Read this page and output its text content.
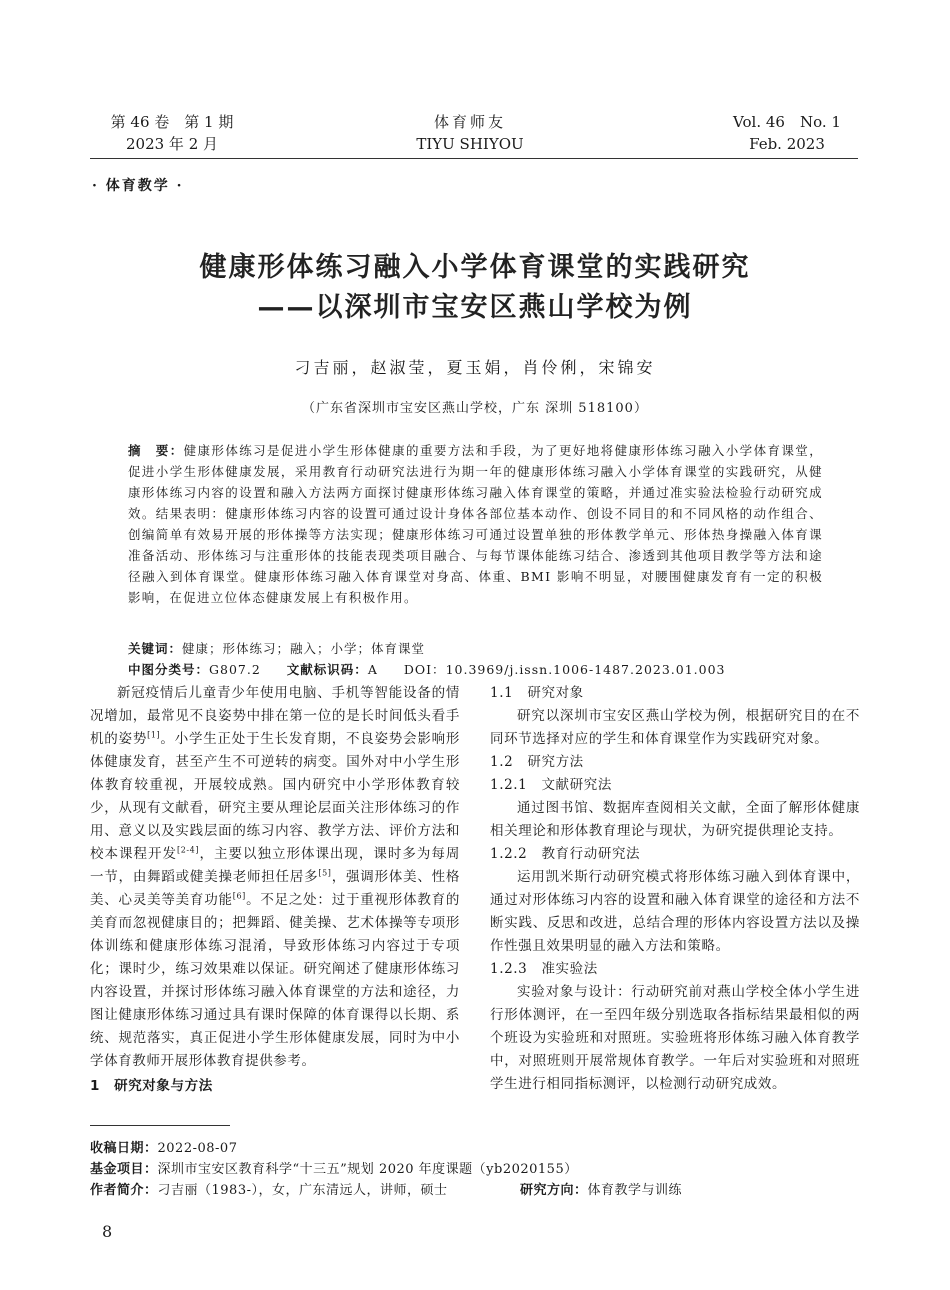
第 46 卷　第 1 期
2023 年 2 月
体育师友
TIYU SHIYOU
Vol. 46　No. 1
Feb. 2023
· 体育教学 ·
健康形体练习融入小学体育课堂的实践研究
——以深圳市宝安区燕山学校为例
刁吉丽，赵淑莹，夏玉娟，肖伶俐，宋锦安
（广东省深圳市宝安区燕山学校，广东 深圳 518100）
摘　要：健康形体练习是促进小学生形体健康的重要方法和手段，为了更好地将健康形体练习融入小学体育课堂，促进小学生形体健康发展，采用教育行动研究法进行为期一年的健康形体练习融入小学体育课堂的实践研究，从健康形体练习内容的设置和融入方法两方面探讨健康形体练习融入体育课堂的策略，并通过准实验法检验行动研究成效。结果表明：健康形体练习内容的设置可通过设计身体各部位基本动作、创设不同目的和不同风格的动作组合、创编简单有效易开展的形体操等方法实现；健康形体练习可通过设置单独的形体教学单元、形体热身操融入体育课准备活动、形体练习与注重形体的技能表现类项目融合、与每节课体能练习结合、渗透到其他项目教学等方法和途径融入到体育课堂。健康形体练习融入体育课堂对身高、体重、BMI 影响不明显，对腰围健康发育有一定的积极影响，在促进立位体态健康发展上有积极作用。
关键词：健康；形体练习；融入；小学；体育课堂
中图分类号：G807.2 文献标识码：A DOI：10.3969/j.issn.1006-1487.2023.01.003

新冠疫情后儿童青少年使用电脑、手机等智能设备的情况增加，最常见不良姿势中排在第一位的是长时间低头看手机的姿势[1]。小学生正处于生长发育期，不良姿势会影响形体健康发育，甚至产生不可逆转的病变。国外对中小学生形体教育较重视，开展较成熟。国内研究中小学形体教育较少，从现有文献看，研究主要从理论层面关注形体练习的作用、意义以及实践层面的练习内容、教学方法、评价方法和校本课程开发[2-4]，主要以独立形体课出现，课时多为每周一节，由舞蹈或健美操老师担任居多[5]，强调形体美、性格美、心灵美等美育功能[6]。不足之处：过于重视形体教育的美育而忽视健康目的；把舞蹈、健美操、艺术体操等专项形体训练和健康形体练习混淆，导致形体练习内容过于专项化；课时少，练习效果难以保证。研究阐述了健康形体练习内容设置，并探讨形体练习融入体育课堂的方法和途径，力图让健康形体练习通过具有课时保障的体育课得以长期、系统、规范落实，真正促进小学生形体健康发展，同时为中小学体育教师开展形体教育提供参考。

1　研究对象与方法

1.1　研究对象

研究以深圳市宝安区燕山学校为例，根据研究目的在不同环节选择对应的学生和体育课堂作为实践研究对象。

1.2　研究方法

1.2.1　文献研究法

通过图书馆、数据库查阅相关文献，全面了解形体健康相关理论和形体教育理论与现状，为研究提供理论支持。

1.2.2　教育行动研究法

运用凯米斯行动研究模式将形体练习融入到体育课中，通过对形体练习内容的设置和融入体育课堂的途径和方法不断实践、反思和改进，总结合理的形体内容设置方法以及操作性强且效果明显的融入方法和策略。

1.2.3　准实验法

实验对象与设计：行动研究前对燕山学校全体小学生进行形体测评，在一至四年级分别选取各指标结果最相似的两个班设为实验班和对照班。实验班将形体练习融入体育教学中，对照班则开展常规体育教学。一年后对实验班和对照班学生进行相同指标测评，以检测行动研究成效。

收稿日期：2022-08-07
基金项目：深圳市宝安区教育科学“十三五”规划 2020 年度课题（yb2020155）
作者简介：刁吉丽（1983-），女，广东清远人，讲师，硕士	研究方向：体育教学与训练
8
